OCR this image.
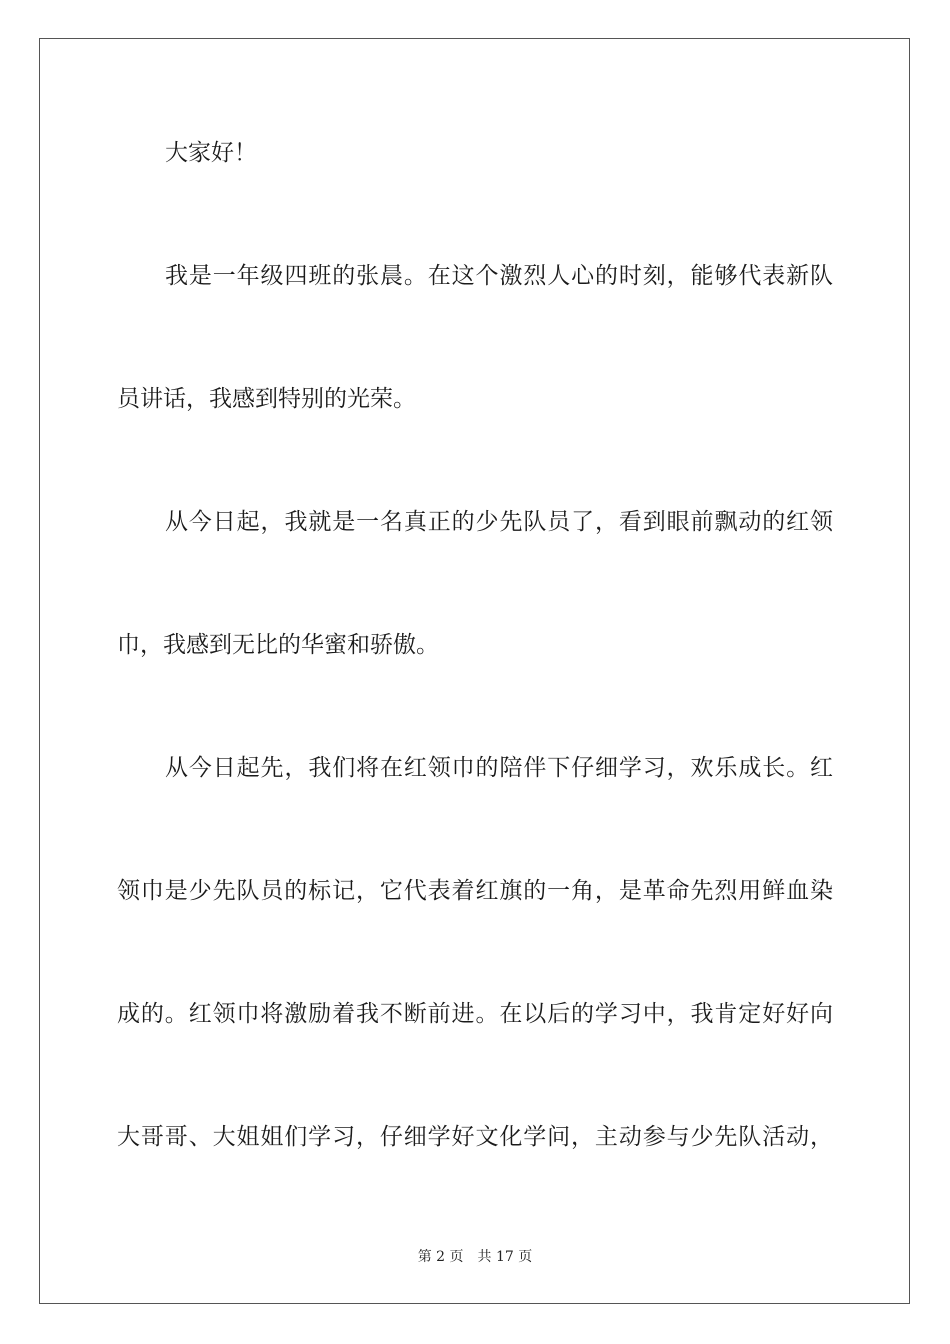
大家好！
我是一年级四班的张晨。在这个激烈人心的时刻，能够代表新队
员讲话，我感到特别的光荣。
从今日起，我就是一名真正的少先队员了，看到眼前飘动的红领
巾，我感到无比的华蜜和骄傲。
从今日起先，我们将在红领巾的陪伴下仔细学习，欢乐成长。红
领巾是少先队员的标记，它代表着红旗的一角，是革命先烈用鲜血染
成的。红领巾将激励着我不断前进。在以后的学习中，我肯定好好向
大哥哥、大姐姐们学习，仔细学好文化学问，主动参与少先队活动，
第 2 页 共 17 页
